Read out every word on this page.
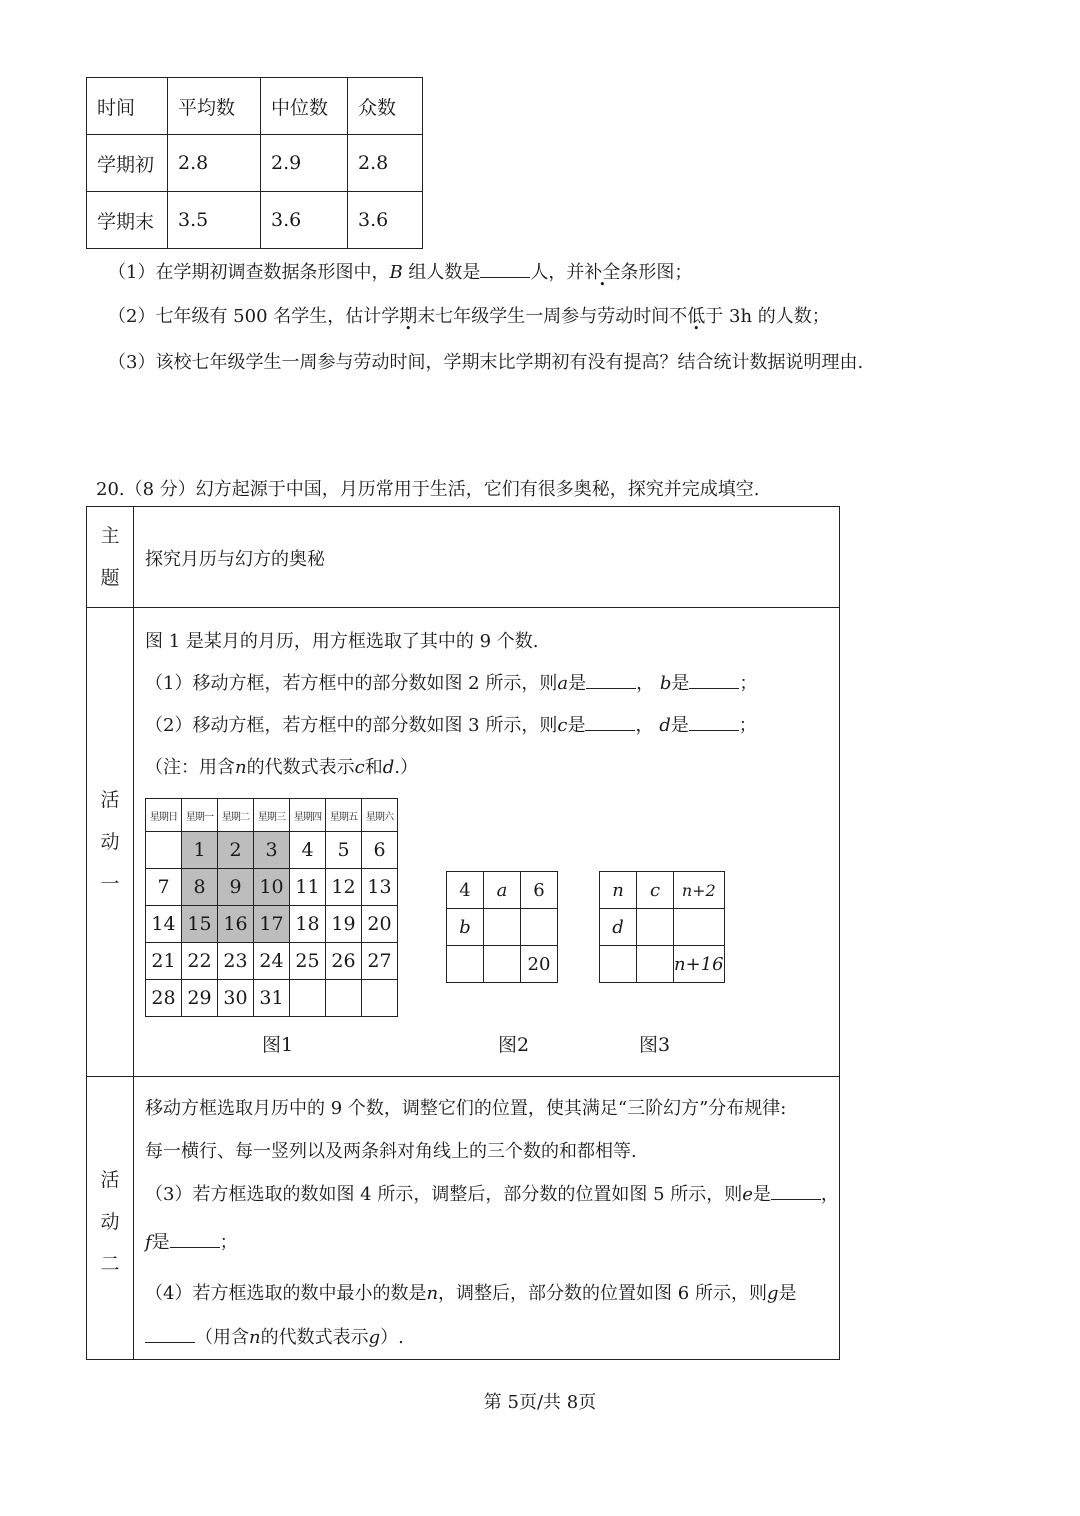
时间	平均数	中位数	众数
学期初	2.8	2.9	2.8
学期末	3.5	3.6	3.6
（1）在学期初调查数据条形图中，B 组人数是	人，并补全条形图；
（2）七年级有 500 名学生，估计学期末七年级学生一周参与劳动时间不低于 3h 的人数；
（3）该校七年级学生一周参与劳动时间，学期末比学期初有没有提高？结合统计数据说明理由.
20.（8 分）幻方起源于中国，月历常用于生活，它们有很多奥秘，探究并完成填空.
主
题
探究月历与幻方的奥秘
活
动
一
图 1 是某月的月历，用方框选取了其中的 9 个数.
（1）移动方框，若方框中的部分数如图 2 所示，则a是	， b是	；
（2）移动方框，若方框中的部分数如图 3 所示，则c是	， d是	；
（注：用含n的代数式表示c和d.）
活
动
二
移动方框选取月历中的 9 个数，调整它们的位置，使其满足“三阶幻方”分布规律:
每一横行、每一竖列以及两条斜对角线上的三个数的和都相等.
（3）若方框选取的数如图 4 所示，调整后，部分数的位置如图 5 所示，则e是	，
f是	；
（4）若方框选取的数中最小的数是n，调整后，部分数的位置如图 6 所示，则g是
（用含n的代数式表示g）.
星期日	星期一	星期二	星期三	星期四	星期五	星期六
	1	2	3	4	5	6
7	8	9	10	11	12	13
14	15	16	17	18	19	20
21	22	23	24	25	26	27
28	29	30	31			
4	a	6
b		
		20
n	c	n+2
d		
		n+16
图1	图2	图3
第 5页/共 8页
